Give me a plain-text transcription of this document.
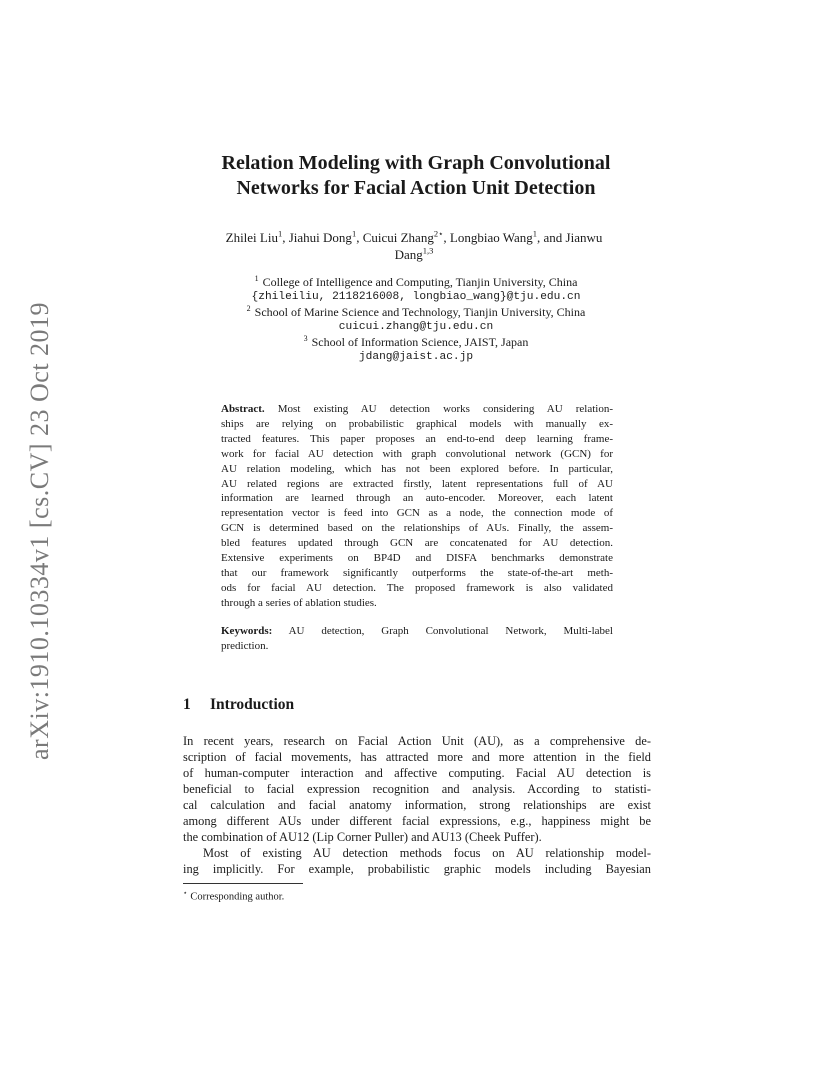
arXiv:1910.10334v1 [cs.CV] 23 Oct 2019
Relation Modeling with Graph Convolutional
Networks for Facial Action Unit Detection
Zhilei Liu$^1$, Jiahui Dong$^1$, Cuicui Zhang$^{2⋆}$, Longbiao Wang$^1$, and Jianwu
Dang$^{1,3}$
$^1$ College of Intelligence and Computing, Tianjin University, China
{zhileiliu, 2118216008, longbiao_wang}@tju.edu.cn
$^2$ School of Marine Science and Technology, Tianjin University, China
cuicui.zhang@tju.edu.cn
$^3$ School of Information Science, JAIST, Japan
jdang@jaist.ac.jp
Abstract. Most existing AU detection works considering AU relation-
ships are relying on probabilistic graphical models with manually ex-
tracted features. This paper proposes an end-to-end deep learning frame-
work for facial AU detection with graph convolutional network (GCN) for
AU relation modeling, which has not been explored before. In particular,
AU related regions are extracted firstly, latent representations full of AU
information are learned through an auto-encoder. Moreover, each latent
representation vector is feed into GCN as a node, the connection mode of
GCN is determined based on the relationships of AUs. Finally, the assem-
bled features updated through GCN are concatenated for AU detection.
Extensive experiments on BP4D and DISFA benchmarks demonstrate
that our framework significantly outperforms the state-of-the-art meth-
ods for facial AU detection. The proposed framework is also validated
through a series of ablation studies.
Keywords: AU detection, Graph Convolutional Network, Multi-label
prediction.
1 Introduction
In recent years, research on Facial Action Unit (AU), as a comprehensive de-
scription of facial movements, has attracted more and more attention in the field
of human-computer interaction and affective computing. Facial AU detection is
beneficial to facial expression recognition and analysis. According to statisti-
cal calculation and facial anatomy information, strong relationships are exist
among different AUs under different facial expressions, e.g., happiness might be
the combination of AU12 (Lip Corner Puller) and AU13 (Cheek Puffer).
Most of existing AU detection methods focus on AU relationship model-
ing implicitly. For example, probabilistic graphic models including Bayesian
⋆ Corresponding author.
